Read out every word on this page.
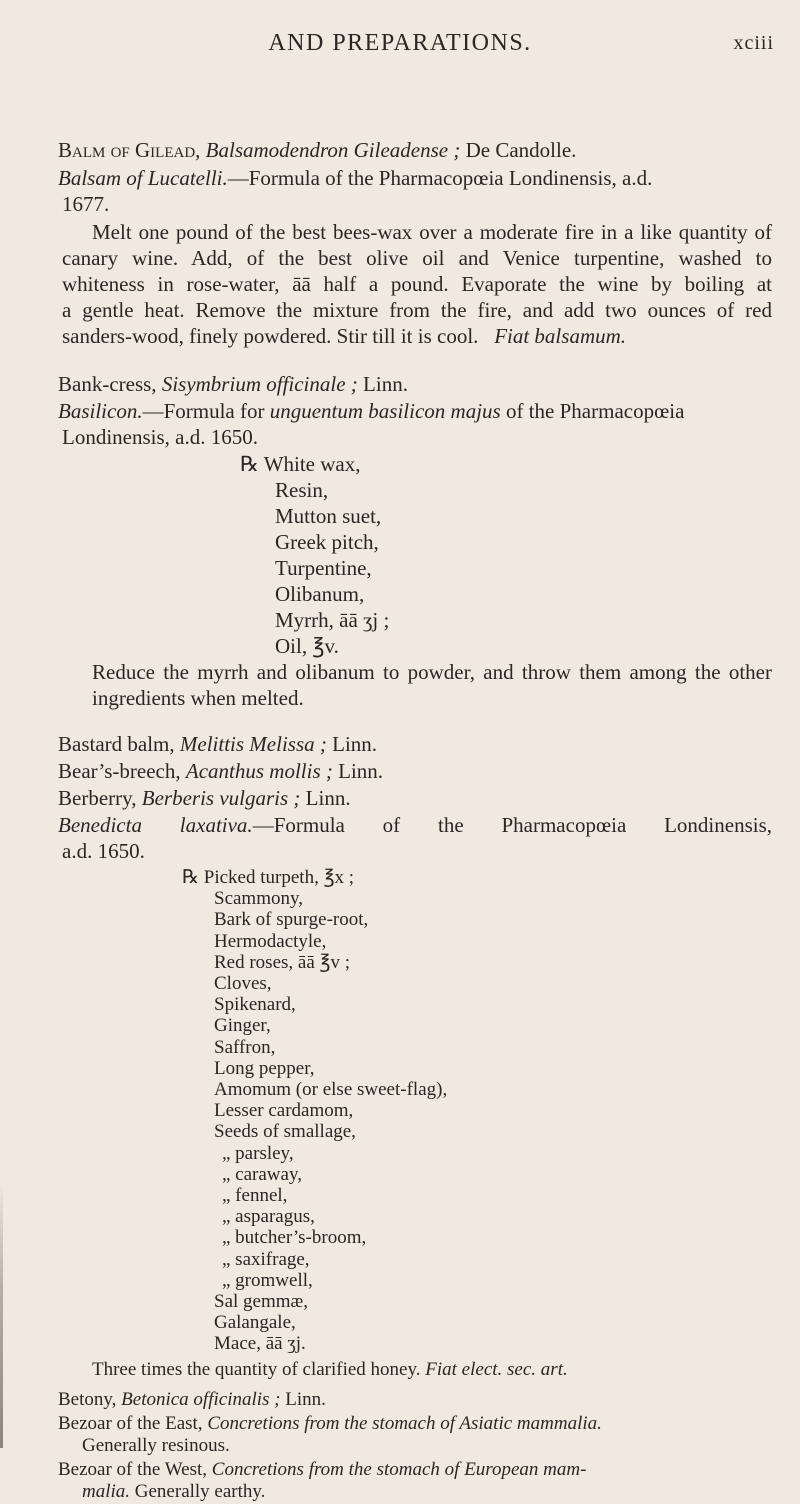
AND PREPARATIONS.	xciii
Balm of Gilead, Balsamodendron Gileadense ; De Candolle.
Balsam of Lucatelli.—Formula of the Pharmacopœia Londinensis, a.d.
1677.
Melt one pound of the best bees-wax over a moderate fire in a like quantity of
canary wine. Add, of the best olive oil and Venice turpentine, washed to
whiteness in rose-water, āā half a pound. Evaporate the wine by boiling at
a gentle heat. Remove the mixture from the fire, and add two ounces of red
sanders-wood, finely powdered. Stir till it is cool. Fiat balsamum.
Bank-cress, Sisymbrium officinale ; Linn.
Basilicon.—Formula for unguentum basilicon majus of the Pharmacopœia
Londinensis, a.d. 1650.
℞ White wax,
Resin,
Mutton suet,
Greek pitch,
Turpentine,
Olibanum,
Myrrh, āā ʒj ;
Oil, ℥v.
Reduce the myrrh and olibanum to powder, and throw them among the other
ingredients when melted.
Bastard balm, Melittis Melissa ; Linn.
Bear’s-breech, Acanthus mollis ; Linn.
Berberry, Berberis vulgaris ; Linn.
Benedicta laxativa.—Formula of the Pharmacopœia Londinensis,
a.d. 1650.
℞ Picked turpeth, ℥x ;
Scammony,
Bark of spurge-root,
Hermodactyle,
Red roses, āā ℥v ;
Cloves,
Spikenard,
Ginger,
Saffron,
Long pepper,
Amomum (or else sweet-flag),
Lesser cardamom,
Seeds of smallage,
„ parsley,
„ caraway,
„ fennel,
„ asparagus,
„ butcher’s-broom,
„ saxifrage,
„ gromwell,
Sal gemmæ,
Galangale,
Mace, āā ʒj.
Three times the quantity of clarified honey. Fiat elect. sec. art.
Betony, Betonica officinalis ; Linn.
Bezoar of the East, Concretions from the stomach of Asiatic mammalia.
Generally resinous.
Bezoar of the West, Concretions from the stomach of European mam-
malia. Generally earthy.
